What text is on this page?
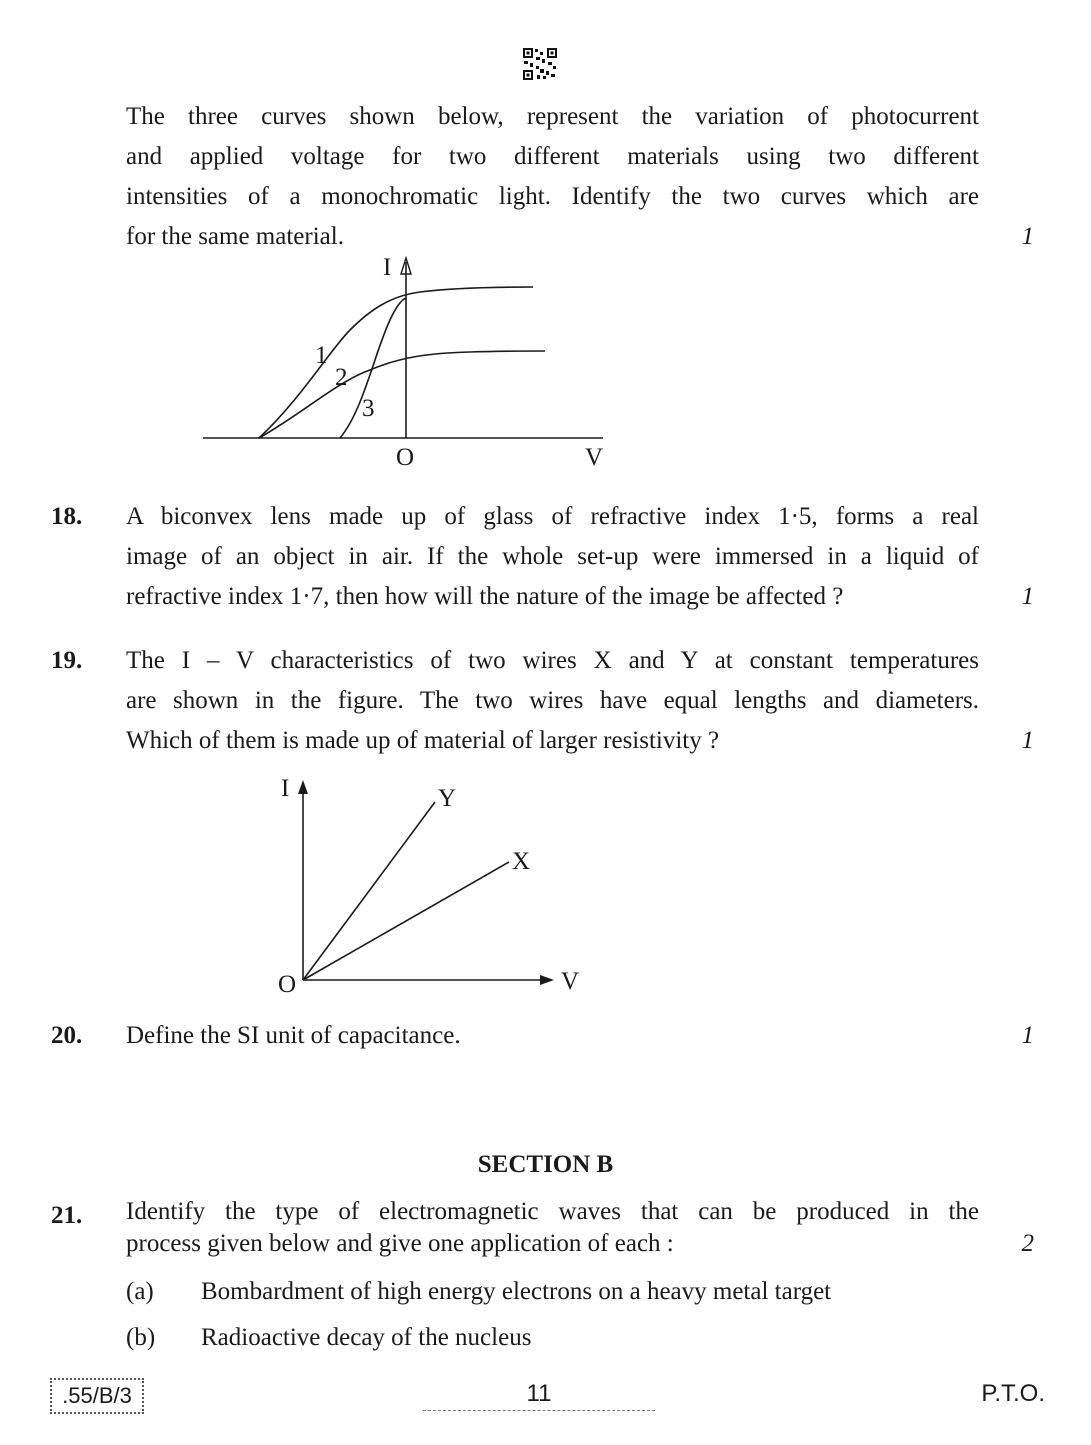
The three curves shown below, represent the variation of photocurrent
and applied voltage for two different materials using two different
intensities of a monochromatic light. Identify the two curves which are
for the same material.	1
I
V
O
1
2
3
18. A biconvex lens made up of glass of refractive index 1·5, forms a real
image of an object in air. If the whole set-up were immersed in a liquid of
refractive index 1·7, then how will the nature of the image be affected ?	1
19. The I – V characteristics of two wires X and Y at constant temperatures
are shown in the figure. The two wires have equal lengths and diameters.
Which of them is made up of material of larger resistivity ?	1
I
V
O
Y
X
20. Define the SI unit of capacitance.	1
SECTION B
21. Identify the type of electromagnetic waves that can be produced in the
process given below and give one application of each :	2
(a) Bombardment of high energy electrons on a heavy metal target
(b) Radioactive decay of the nucleus
.55/B/3	11	P.T.O.
